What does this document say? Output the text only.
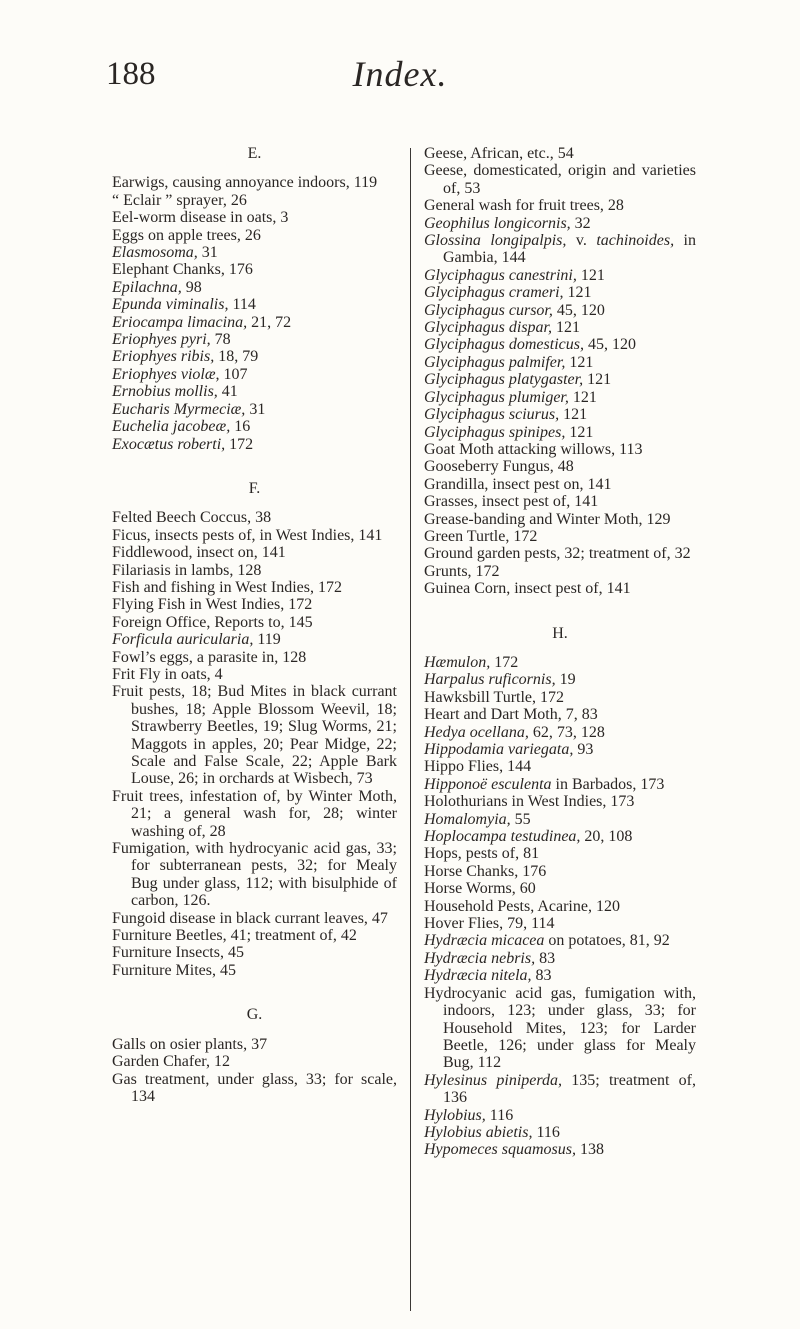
188	Index.
E.
Earwigs, causing annoyance indoors, 119
“ Eclair ” sprayer, 26
Eel-worm disease in oats, 3
Eggs on apple trees, 26
Elasmosoma, 31
Elephant Chanks, 176
Epilachna, 98
Epunda viminalis, 114
Eriocampa limacina, 21, 72
Eriophyes pyri, 78
Eriophyes ribis, 18, 79
Eriophyes violæ, 107
Ernobius mollis, 41
Eucharis Myrmeciæ, 31
Euchelia jacobeæ, 16
Exocætus roberti, 172
F.
Felted Beech Coccus, 38
Ficus, insects pests of, in West Indies, 141
Fiddlewood, insect on, 141
Filariasis in lambs, 128
Fish and fishing in West Indies, 172
Flying Fish in West Indies, 172
Foreign Office, Reports to, 145
Forficula auricularia, 119
Fowl’s eggs, a parasite in, 128
Frit Fly in oats, 4
Fruit pests, 18; Bud Mites in black currant bushes, 18; Apple Blossom Weevil, 18; Strawberry Beetles, 19; Slug Worms, 21; Maggots in apples, 20; Pear Midge, 22; Scale and False Scale, 22; Apple Bark Louse, 26; in orchards at Wisbech, 73
Fruit trees, infestation of, by Winter Moth, 21; a general wash for, 28; winter washing of, 28
Fumigation, with hydrocyanic acid gas, 33; for subterranean pests, 32; for Mealy Bug under glass, 112; with bisulphide of carbon, 126.
Fungoid disease in black currant leaves, 47
Furniture Beetles, 41; treatment of, 42
Furniture Insects, 45
Furniture Mites, 45
G.
Galls on osier plants, 37
Garden Chafer, 12
Gas treatment, under glass, 33; for scale, 134
Geese, African, etc., 54
Geese, domesticated, origin and varieties of, 53
General wash for fruit trees, 28
Geophilus longicornis, 32
Glossina longipalpis, v. tachinoides, in Gambia, 144
Glyciphagus canestrini, 121
Glyciphagus crameri, 121
Glyciphagus cursor, 45, 120
Glyciphagus dispar, 121
Glyciphagus domesticus, 45, 120
Glyciphagus palmifer, 121
Glyciphagus platygaster, 121
Glyciphagus plumiger, 121
Glyciphagus sciurus, 121
Glyciphagus spinipes, 121
Goat Moth attacking willows, 113
Gooseberry Fungus, 48
Grandilla, insect pest on, 141
Grasses, insect pest of, 141
Grease-banding and Winter Moth, 129
Green Turtle, 172
Ground garden pests, 32; treatment of, 32
Grunts, 172
Guinea Corn, insect pest of, 141
H.
Hæmulon, 172
Harpalus ruficornis, 19
Hawksbill Turtle, 172
Heart and Dart Moth, 7, 83
Hedya ocellana, 62, 73, 128
Hippodamia variegata, 93
Hippo Flies, 144
Hipponoë esculenta in Barbados, 173
Holothurians in West Indies, 173
Homalomyia, 55
Hoplocampa testudinea, 20, 108
Hops, pests of, 81
Horse Chanks, 176
Horse Worms, 60
Household Pests, Acarine, 120
Hover Flies, 79, 114
Hydræcia micacea on potatoes, 81, 92
Hydræcia nebris, 83
Hydræcia nitela, 83
Hydrocyanic acid gas, fumigation with, indoors, 123; under glass, 33; for Household Mites, 123; for Larder Beetle, 126; under glass for Mealy Bug, 112
Hylesinus piniperda, 135; treatment of, 136
Hylobius, 116
Hylobius abietis, 116
Hypomeces squamosus, 138
